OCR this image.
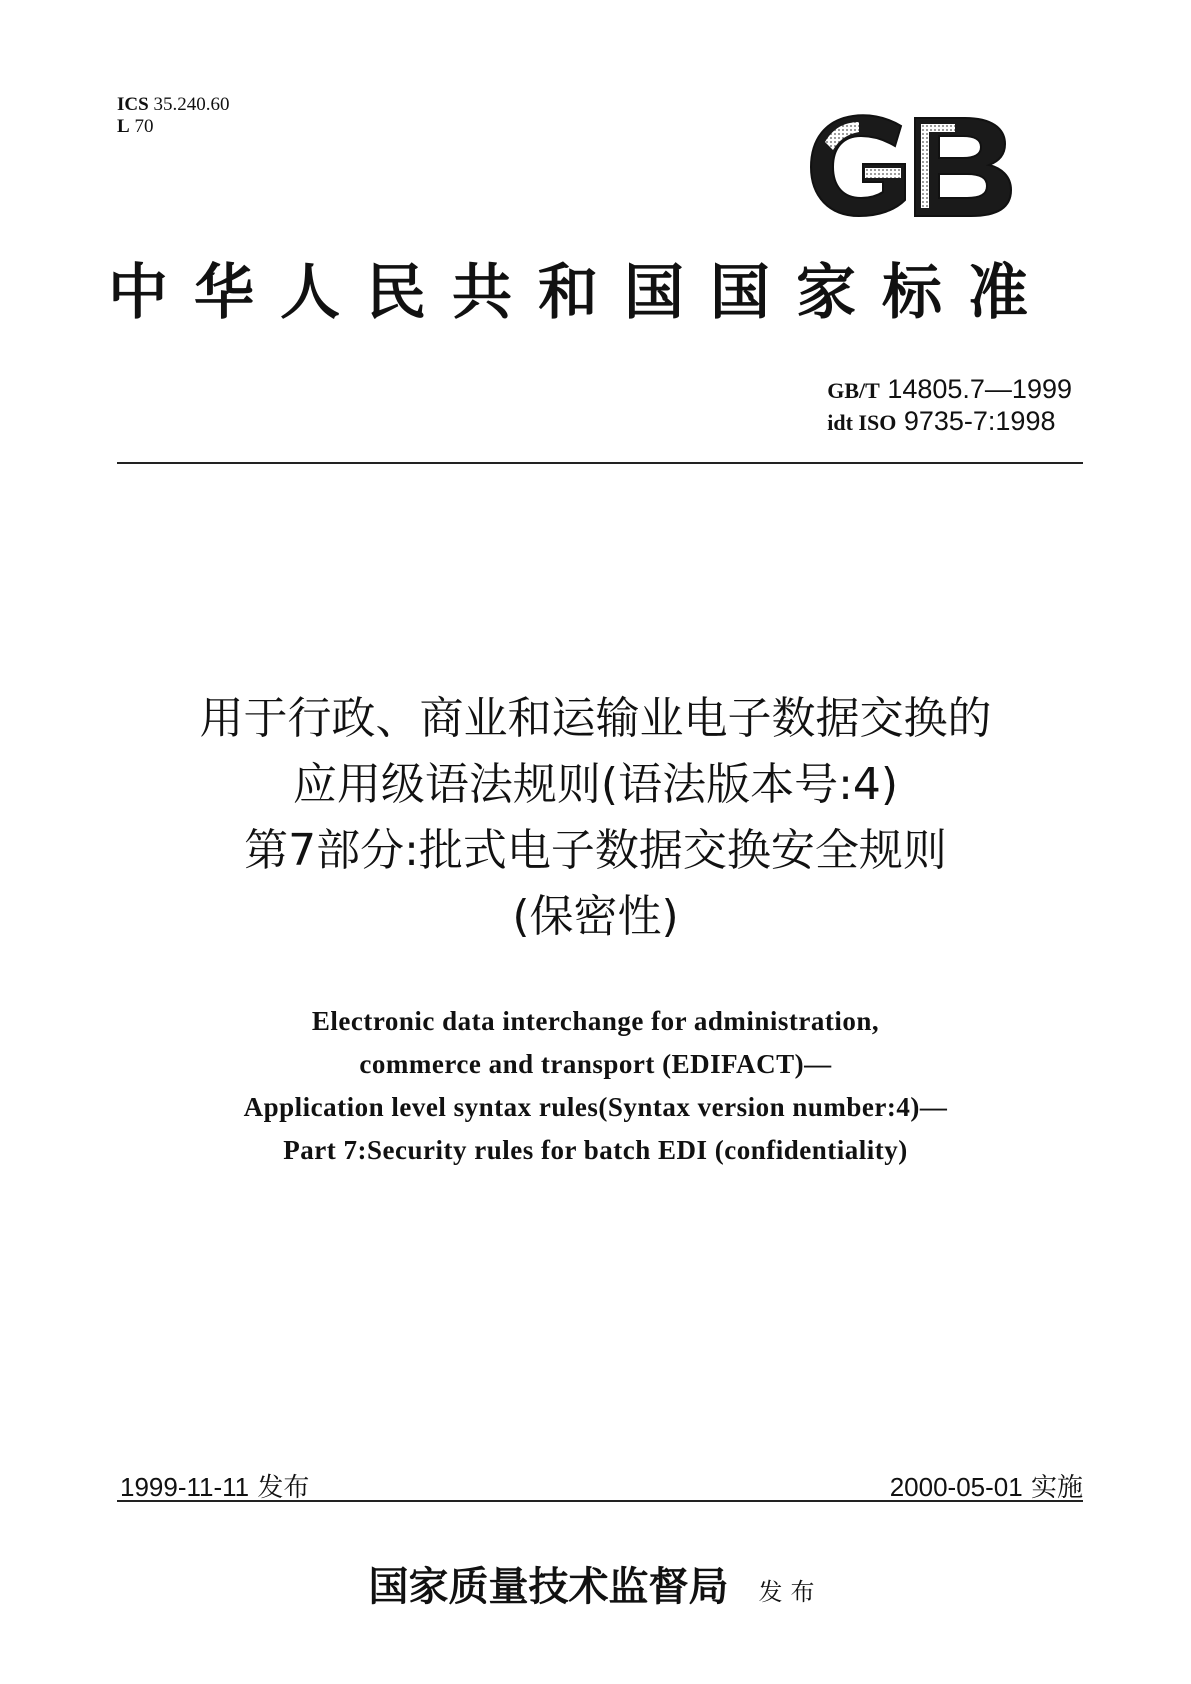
ICS 35.240.60
L 70
中华人民共和国国家标准
GB/T 14805.7—1999
idt ISO 9735-7:1998
用于行政、商业和运输业电子数据交换的
应用级语法规则(语法版本号:4)
第7部分:批式电子数据交换安全规则
(保密性)
Electronic data interchange for administration,
commerce and transport (EDIFACT)—
Application level syntax rules(Syntax version number:4)—
Part 7:Security rules for batch EDI (confidentiality)
1999-11-11 发布	2000-05-01 实施
国家质量技术监督局 发布
